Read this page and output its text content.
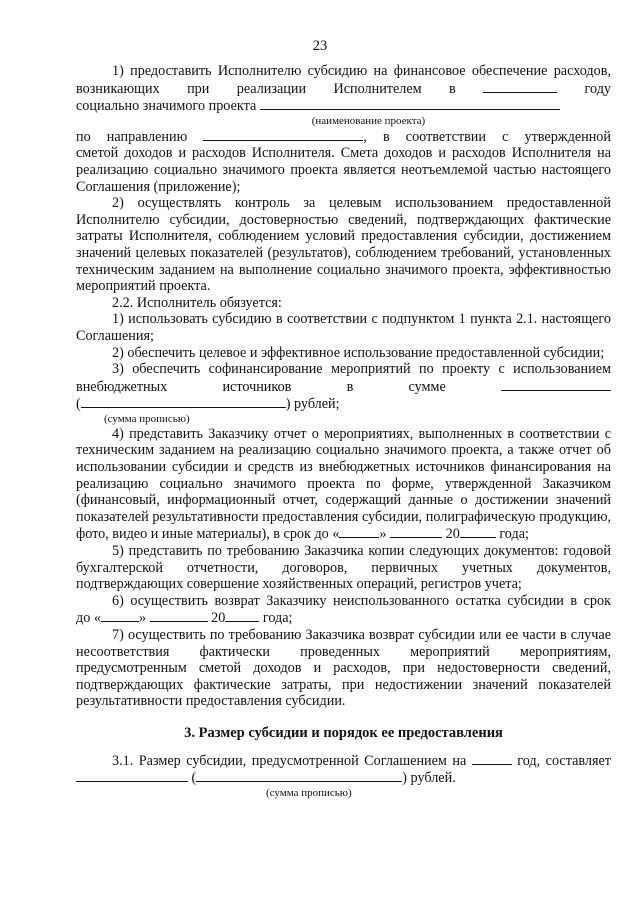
23

1) предоставить Исполнителю субсидию на финансовое обеспечение расходов,

возникающих при реализации Исполнителем в	году

социально значимого проекта

(наименование проекта)

по направлению	, в соответствии с утвержденной

сметой доходов и расходов Исполнителя. Смета доходов и расходов Исполнителя на реализацию социально значимого проекта является неотъемлемой частью настоящего Соглашения (приложение);

2) осуществлять контроль за целевым использованием предоставленной Исполнителю субсидии, достоверностью сведений, подтверждающих фактические затраты Исполнителя, соблюдением условий предоставления субсидии, достижением значений целевых показателей (результатов), соблюдением требований, установленных техническим заданием на выполнение социально значимого проекта, эффективностью мероприятий проекта.

2.2. Исполнитель обязуется:

1) использовать субсидию в соответствии с подпунктом 1 пункта 2.1. настоящего Соглашения;

2) обеспечить целевое и эффективное использование предоставленной субсидии;

3) обеспечить софинансирование мероприятий по проекту с использованием

внебюджетных источников в сумме

(	) рублей;

(сумма прописью)

4) представить Заказчику отчет о мероприятиях, выполненных в соответствии с техническим заданием на реализацию социально значимого проекта, а также отчет об использовании субсидии и средств из внебюджетных источников финансирования на реализацию социально значимого проекта по форме, утвержденной Заказчиком (финансовый, информационный отчет, содержащий данные о достижении значений показателей результативности предоставления субсидии, полиграфическую продукцию, фото, видео и иные материалы), в срок до «	»	20	года;

5) представить по требованию Заказчика копии следующих документов: годовой бухгалтерской отчетности, договоров, первичных учетных документов, подтверждающих совершение хозяйственных операций, регистров учета;

6) осуществить возврат Заказчику неиспользованного остатка субсидии в срок

до «	»	20	года;

7) осуществить по требованию Заказчика возврат субсидии или ее части в случае несоответствия фактически проведенных мероприятий мероприятиям, предусмотренным сметой доходов и расходов, при недостоверности сведений, подтверждающих фактические затраты, при недостижении значений показателей результативности предоставления субсидии.

3. Размер субсидии и порядок ее предоставления

3.1. Размер субсидии, предусмотренной Соглашением на	год, составляет

(	) рублей.

(сумма прописью)
